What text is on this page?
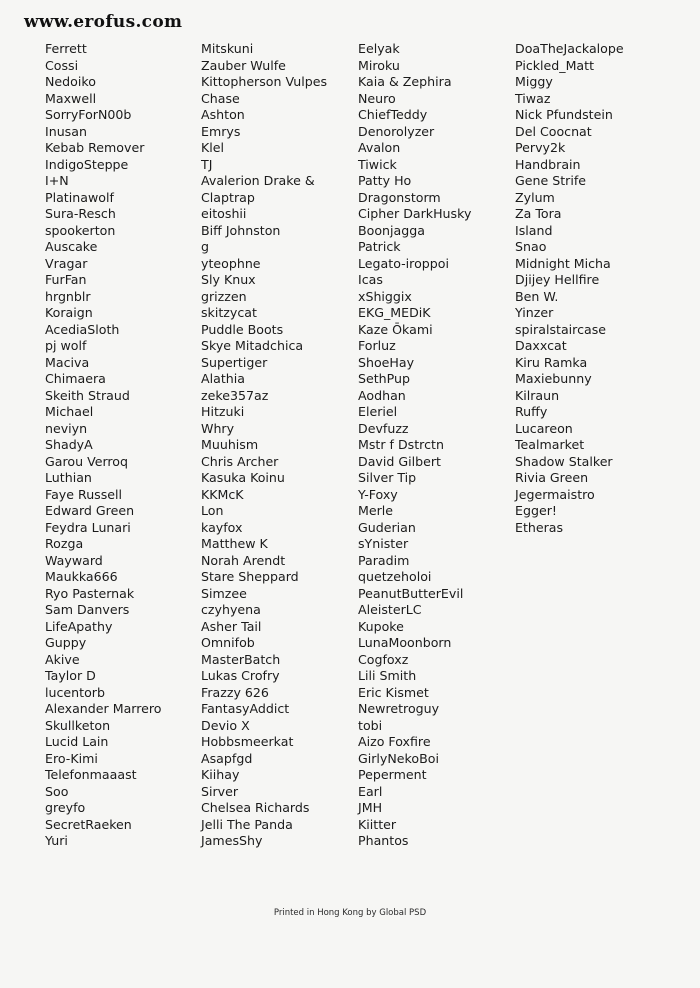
www.erofus.com
Ferrett
Cossi
Nedoiko
Maxwell
SorryForN00b
Inusan
Kebab Remover
IndigoSteppe
I+N
Platinawolf
Sura-Resch
spookerton
Auscake
Vragar
FurFan
hrgnblr
Koraign
AcediaSloth
pj wolf
Maciva
Chimaera
Skeith Straud
Michael
neviyn
ShadyA
Garou Verroq
Luthian
Faye Russell
Edward Green
Feydra Lunari
Rozga
Wayward
Maukka666
Ryo Pasternak
Sam Danvers
LifeApathy
Guppy
Akive
Taylor D
lucentorb
Alexander Marrero
Skullketon
Lucid Lain
Ero-Kimi
Telefonmaaast
Soo
greyfo
SecretRaeken
Yuri
Mitskuni
Zauber Wulfe
Kittopherson Vulpes
Chase
Ashton
Emrys
Klel
TJ
Avalerion Drake &
Claptrap
eitoshii
Biff Johnston
g
yteophne
Sly Knux
grizzen
skitzycat
Puddle Boots
Skye Mitadchica
Supertiger
Alathia
zeke357az
Hitzuki
Whry
Muuhism
Chris Archer
Kasuka Koinu
KKMcK
Lon
kayfox
Matthew K
Norah Arendt
Stare Sheppard
Simzee
czyhyena
Asher Tail
Omnifob
MasterBatch
Lukas Crofry
Frazzy 626
FantasyAddict
Devio X
Hobbsmeerkat
Asapfgd
Kiihay
Sirver
Chelsea Richards
Jelli The Panda
JamesShy
Eelyak
Miroku
Kaia & Zephira
Neuro
ChiefTeddy
Denorolyzer
Avalon
Tiwick
Patty Ho
Dragonstorm
Cipher DarkHusky
Boonjagga
Patrick
Legato-iroppoi
Icas
xShiggix
EKG_MEDiK
Kaze Ōkami
Forluz
ShoeHay
SethPup
Aodhan
Eleriel
Devfuzz
Mstr f Dstrctn
David Gilbert
Silver Tip
Y-Foxy
Merle
Guderian
sYnister
Paradim
quetzeholoi
PeanutButterEvil
AleisterLC
Kupoke
LunaMoonborn
Cogfoxz
Lili Smith
Eric Kismet
Newretroguy
tobi
Aizo Foxfire
GirlyNekoBoi
Peperment
Earl
JMH
Kiitter
Phantos
DoaTheJackalope
Pickled_Matt
Miggy
Tiwaz
Nick Pfundstein
Del Coocnat
Pervy2k
Handbrain
Gene Strife
Zylum
Za Tora
Island
Snao
Midnight Micha
Djijey Hellfire
Ben W.
Yinzer
spiralstaircase
Daxxcat
Kiru Ramka
Maxiebunny
Kilraun
Ruffy
Lucareon
Tealmarket
Shadow Stalker
Rivia Green
Jegermaistro
Egger!
Etheras
Printed in Hong Kong by Global PSD
